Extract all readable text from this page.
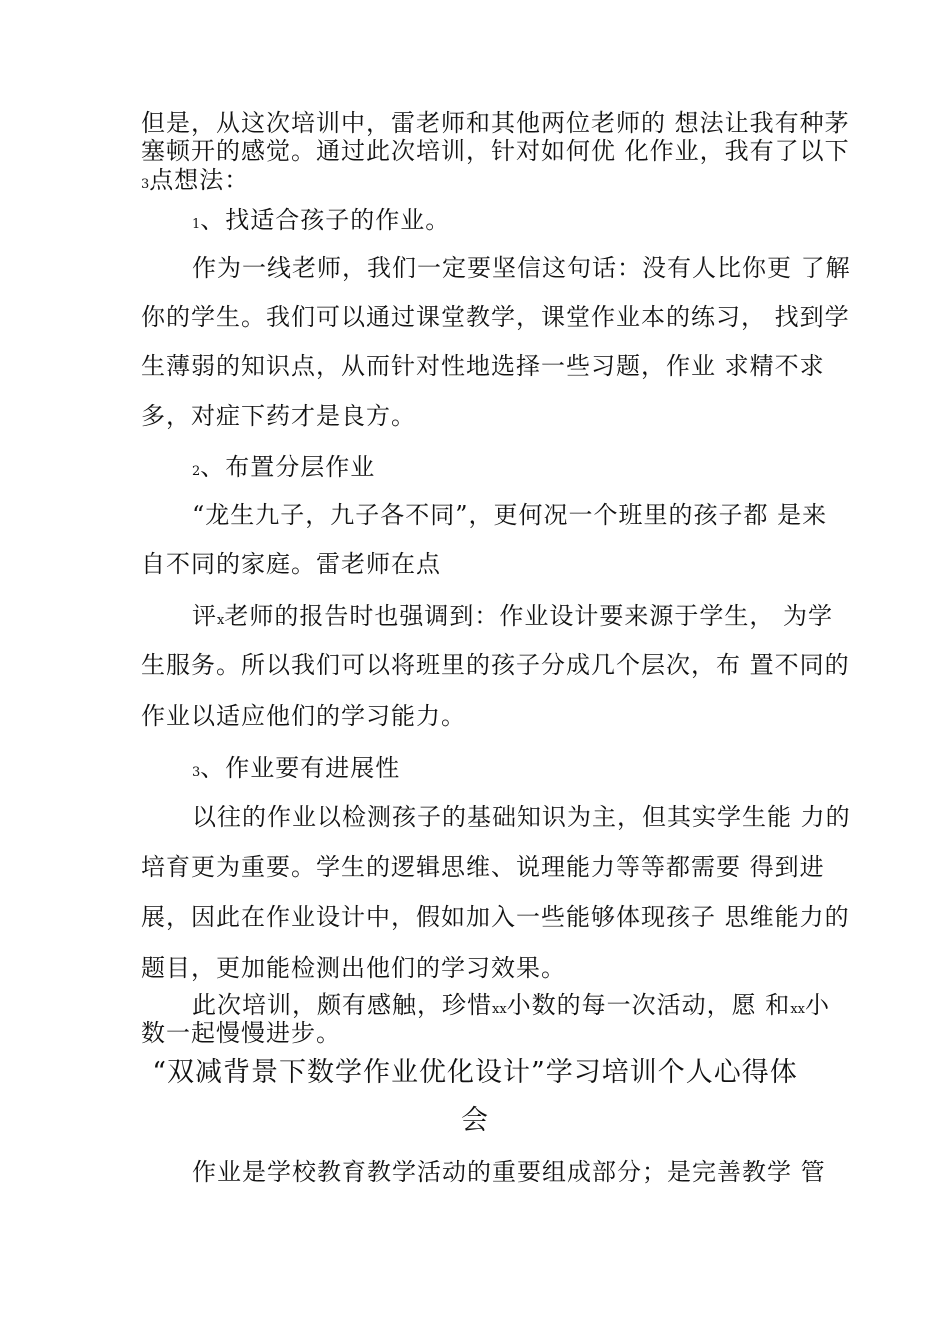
但是，从这次培训中，雷老师和其他两位老师的 想法让我有种茅

塞顿开的感觉。通过此次培训，针对如何优 化作业，我有了以下

3点想法：

1、找适合孩子的作业。

作为一线老师，我们一定要坚信这句话：没有人比你更 了解

你的学生。我们可以通过课堂教学，课堂作业本的练习， 找到学

生薄弱的知识点，从而针对性地选择一些习题，作业 求精不求

多，对症下药才是良方。

2、布置分层作业

“龙生九子，九子各不同”，更何况一个班里的孩子都 是来

自不同的家庭。雷老师在点

评x老师的报告时也强调到：作业设计要来源于学生， 为学

生服务。所以我们可以将班里的孩子分成几个层次，布 置不同的

作业以适应他们的学习能力。

3、作业要有进展性

以往的作业以检测孩子的基础知识为主，但其实学生能 力的

培育更为重要。学生的逻辑思维、说理能力等等都需要 得到进

展，因此在作业设计中，假如加入一些能够体现孩子 思维能力的

题目，更加能检测出他们的学习效果。

此次培训，颇有感触，珍惜xx小数的每一次活动，愿 和xx小

数一起慢慢进步。

“双减背景下数学作业优化设计”学习培训个人心得体
会

作业是学校教育教学活动的重要组成部分；是完善教学 管
